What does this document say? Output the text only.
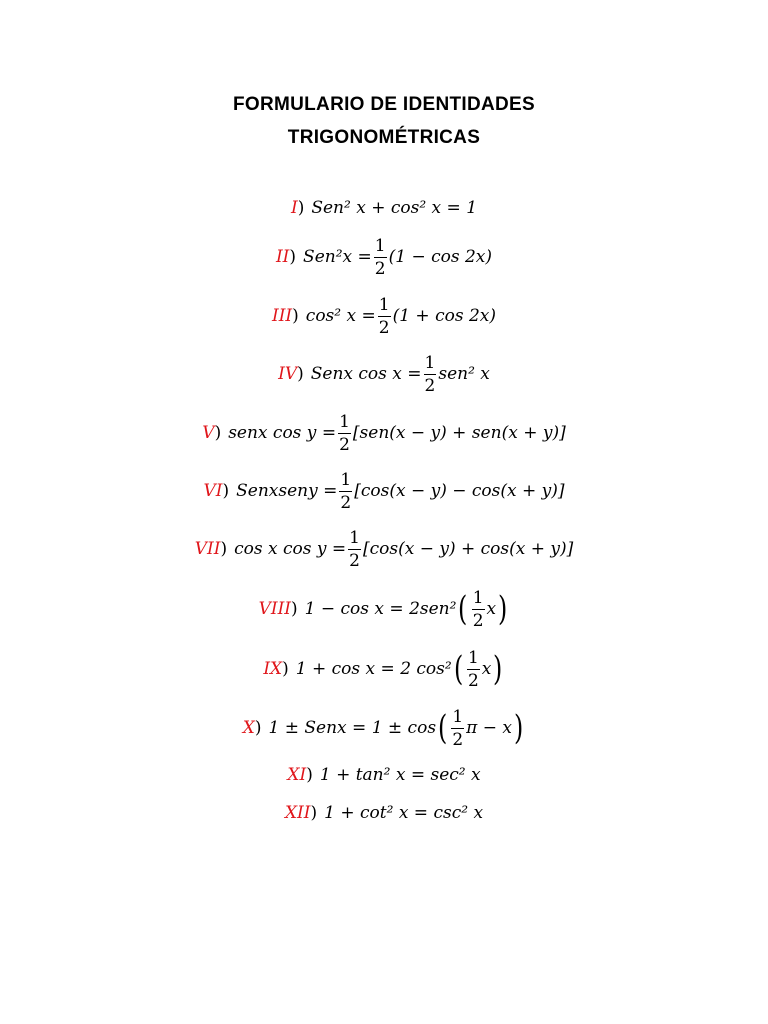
FORMULARIO DE IDENTIDADES
TRIGONOMÉTRICAS
I) Sen² x + cos² x = 1
II) $Sen^2x = \frac{1}{2} (1 - \cos 2x)$
III) cos² $x = \frac{1}{2} (1 + \cos 2x)$
IV) Senx $\cos x = \frac{1}{2} sen^2$ x
V) senx $\cos y = \frac{1}{2} [sen(x - y) + sen(x + y)]$
VI) Senxseny = $\frac{1}{2} [\cos(x - y) - \cos(x + y)]$
VII) cos x $\cos y = \frac{1}{2} [\cos(x - y) + \cos(x + y)]$
VIII) 1 − cos x = 2sen² ( $\frac{1}{2}$ x )
IX) 1 + cos x = 2 cos² ( $\frac{1}{2}$ x )
X) 1 ± Senx = 1 ± cos ( $\frac{1}{2}$ π − x )
XI) 1 + tan² x = sec² x
XII) 1 + cot² x = csc² x
